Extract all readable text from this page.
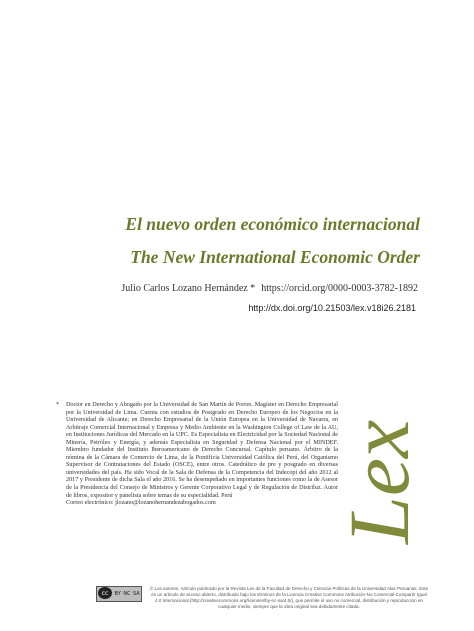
El nuevo orden económico internacional
The New International Economic Order
Julio Carlos Lozano Hernández * https://orcid.org/0000-0003-3782-1892
http://dx.doi.org/10.21503/lex.v18i26.2181
* Doctor en Derecho y Abogado por la Universidad de San Martín de Porres. Magíster en Derecho Empresarial por la Universidad de Lima. Cuenta con estudios de Postgrado en Derecho Europeo de los Negocios en la Universidad de Alicante; en Derecho Empresarial de la Unión Europea en la Universidad de Navarra, en Arbitraje Comercial Internacional y Empresa y Medio Ambiente en la Washington College of Law de la AU, en Instituciones Jurídicas del Mercado en la UPC. Es Especialista en Electricidad por la Sociedad Nacional de Minería, Petróleo y Energía, y además Especialista en Seguridad y Defensa Nacional por el MINDEF. Miembro fundador del Instituto Iberoamericano de Derecho Concursal. Capítulo peruano. Árbitro de la nómina de la Cámara de Comercio de Lima, de la Pontificia Universidad Católica del Perú, del Organismo Supervisor de Contrataciones del Estado (OSCE), entre otros. Catedrático de pre y posgrado en diversas universidades del país. Ha sido Vocal de la Sala de Defensa de la Competencia del Indecopi del año 2012 al 2017 y Presidente de dicha Sala el año 2016. Se ha desempeñado en importantes funciones como la de Asesor de la Presidencia del Consejo de Ministros y Gerente Corporativo Legal y de Regulación de Distriluz. Autor de libros, expositor y panelista sobre temas de su especialidad. Perú
Correo electrónico: jlozano@lozanohernandezabogados.com	Lex
cc	BY NC SA
© Los autores. Artículo publicado por la Revista Lex de la Facultad de Derecho y Ciencias Políticas de la Universidad Alas Peruanas. Este es un artículo de acceso abierto, distribuido bajo los términos de la Licencia Creative Commons Atribución-No Comercial-Compartir Igual 4.0 Internacional.(http://creativecommons.org/licenses/by-nc-sa/4.0/), que permite el uso no comercial, distribución y reproducción en cualquier medio, siempre que la obra original sea debidamente citada.
